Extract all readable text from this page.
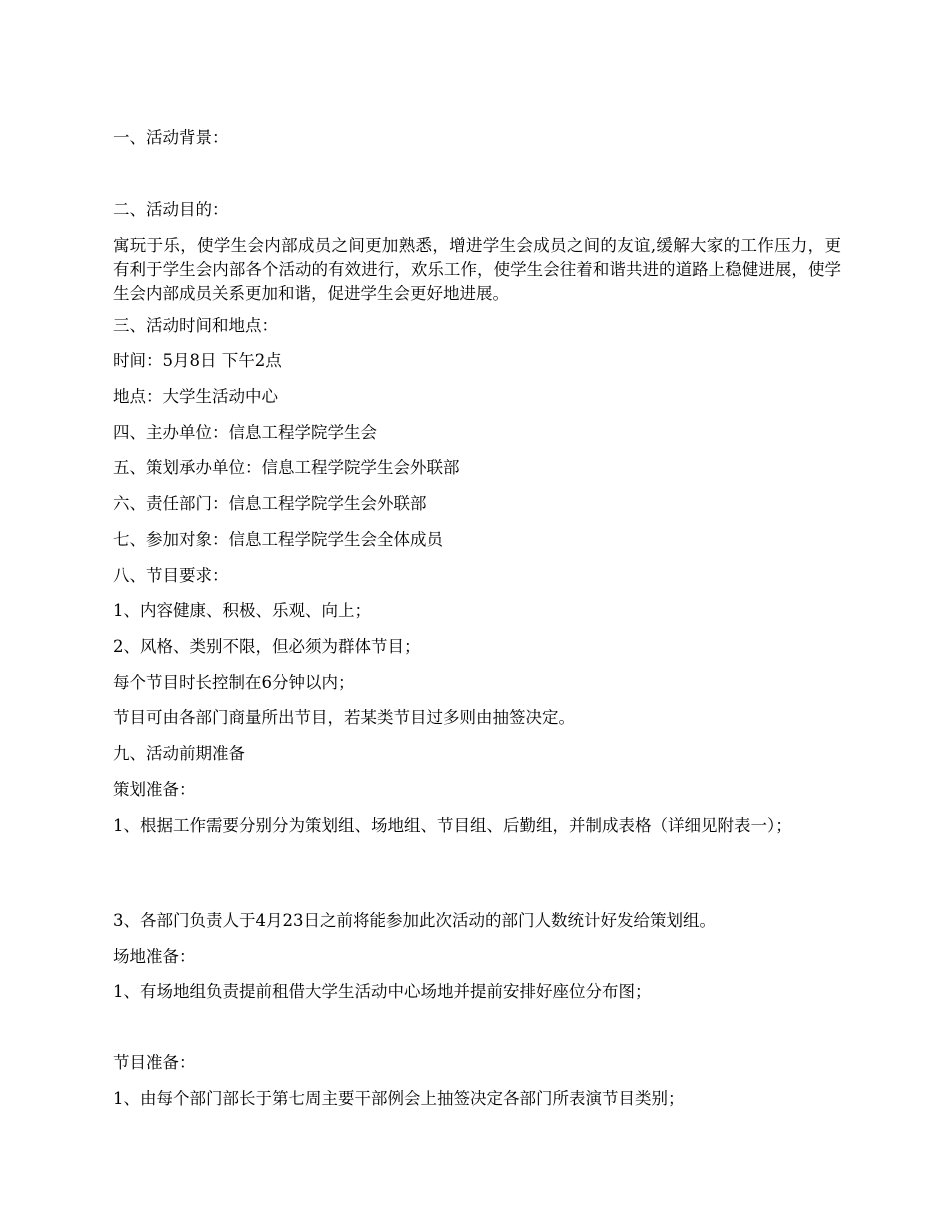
一、活动背景：
二、活动目的：
寓玩于乐，使学生会内部成员之间更加熟悉，增进学生会成员之间的友谊,缓解大家的工作压力，更有利于学生会内部各个活动的有效进行，欢乐工作，使学生会往着和谐共进的道路上稳健进展，使学生会内部成员关系更加和谐，促进学生会更好地进展。
三、活动时间和地点：
时间：5月8日 下午2点
地点：大学生活动中心
四、主办单位：信息工程学院学生会
五、策划承办单位：信息工程学院学生会外联部
六、责任部门：信息工程学院学生会外联部
七、参加对象：信息工程学院学生会全体成员
八、节目要求：
1、内容健康、积极、乐观、向上；
2、风格、类别不限，但必须为群体节目；
每个节目时长控制在6分钟以内；
节目可由各部门商量所出节目，若某类节目过多则由抽签决定。
九、活动前期准备
策划准备：
1、根据工作需要分别分为策划组、场地组、节目组、后勤组，并制成表格（详细见附表一）；
3、各部门负责人于4月23日之前将能参加此次活动的部门人数统计好发给策划组。
场地准备：
1、有场地组负责提前租借大学生活动中心场地并提前安排好座位分布图；
节目准备：
1、由每个部门部长于第七周主要干部例会上抽签决定各部门所表演节目类别；
